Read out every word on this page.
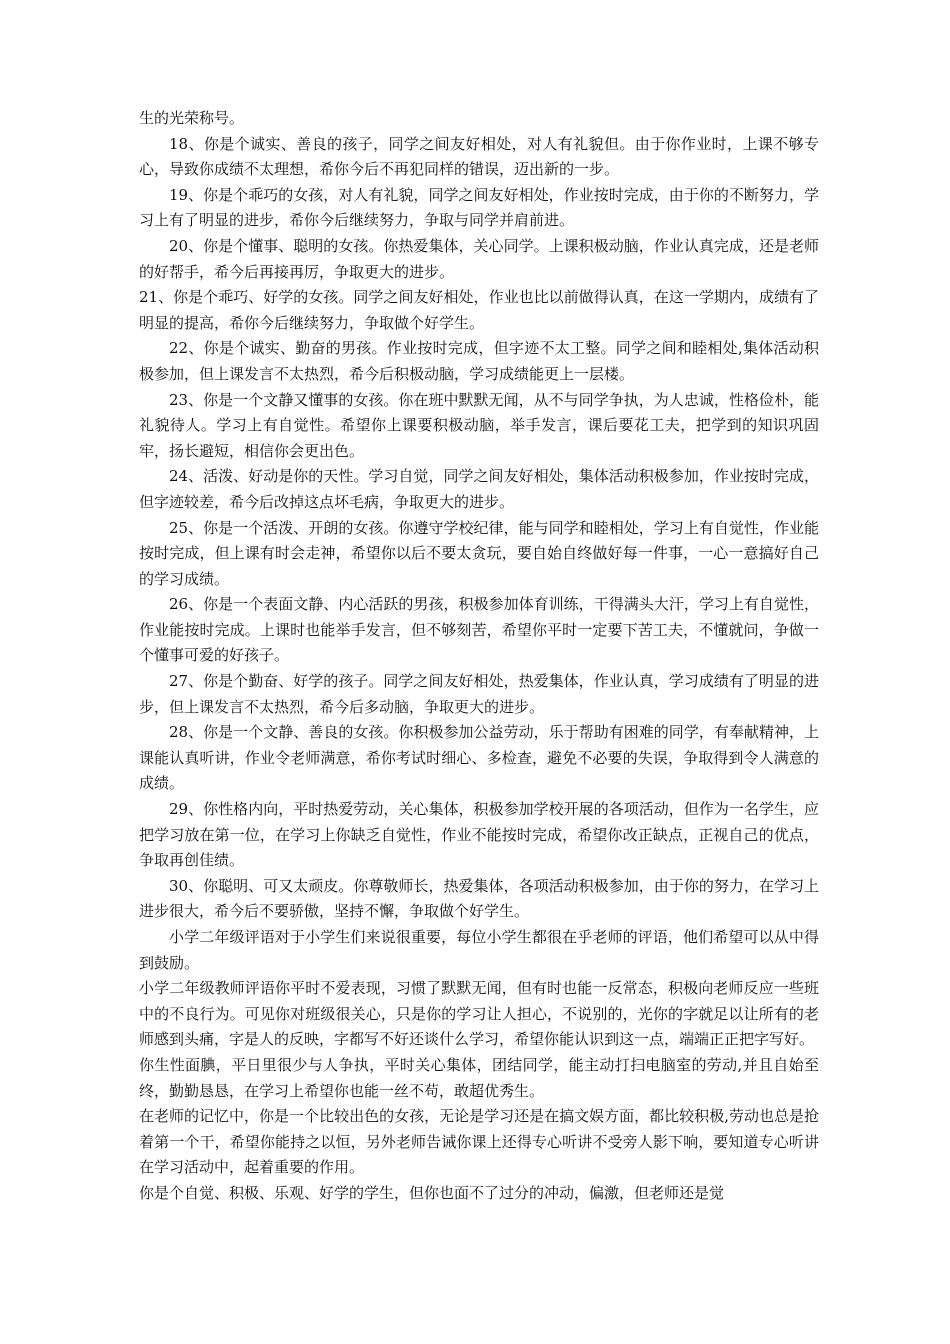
生的光荣称号。

18、你是个诚实、善良的孩子，同学之间友好相处，对人有礼貌但。由于你作业时，上课不够专心，导致你成绩不太理想，希你今后不再犯同样的错误，迈出新的一步。

19、你是个乖巧的女孩，对人有礼貌，同学之间友好相处，作业按时完成，由于你的不断努力，学习上有了明显的进步，希你今后继续努力，争取与同学并肩前进。

20、你是个懂事、聪明的女孩。你热爱集体，关心同学。上课积极动脑，作业认真完成，还是老师的好帮手，希今后再接再厉，争取更大的进步。

21、你是个乖巧、好学的女孩。同学之间友好相处，作业也比以前做得认真，在这一学期内，成绩有了明显的提高，希你今后继续努力，争取做个好学生。

22、你是个诚实、勤奋的男孩。作业按时完成，但字迹不太工整。同学之间和睦相处,集体活动积极参加，但上课发言不太热烈，希今后积极动脑，学习成绩能更上一层楼。

23、你是一个文静又懂事的女孩。你在班中默默无闻，从不与同学争执，为人忠诚，性格俭朴，能礼貌待人。学习上有自觉性。希望你上课要积极动脑，举手发言，课后要花工夫，把学到的知识巩固牢，扬长避短，相信你会更出色。

24、活泼、好动是你的天性。学习自觉，同学之间友好相处，集体活动积极参加，作业按时完成，但字迹较差，希今后改掉这点坏毛病，争取更大的进步。

25、你是一个活泼、开朗的女孩。你遵守学校纪律，能与同学和睦相处，学习上有自觉性，作业能按时完成，但上课有时会走神，希望你以后不要太贪玩，要自始自终做好每一件事，一心一意搞好自己的学习成绩。

26、你是一个表面文静、内心活跃的男孩，积极参加体育训练，干得满头大汗，学习上有自觉性，作业能按时完成。上课时也能举手发言，但不够刻苦，希望你平时一定要下苦工夫，不懂就问，争做一个懂事可爱的好孩子。

27、你是个勤奋、好学的孩子。同学之间友好相处，热爱集体，作业认真，学习成绩有了明显的进步，但上课发言不太热烈，希今后多动脑，争取更大的进步。

28、你是一个文静、善良的女孩。你积极参加公益劳动，乐于帮助有困难的同学，有奉献精神，上课能认真听讲，作业令老师满意，希你考试时细心、多检查，避免不必要的失误，争取得到令人满意的成绩。

29、你性格内向，平时热爱劳动，关心集体，积极参加学校开展的各项活动，但作为一名学生，应把学习放在第一位，在学习上你缺乏自觉性，作业不能按时完成，希望你改正缺点，正视自己的优点，争取再创佳绩。

30、你聪明、可又太顽皮。你尊敬师长，热爱集体，各项活动积极参加，由于你的努力，在学习上进步很大，希今后不要骄傲，坚持不懈，争取做个好学生。

小学二年级评语对于小学生们来说很重要，每位小学生都很在乎老师的评语，他们希望可以从中得到鼓励。

小学二年级教师评语你平时不爱表现，习惯了默默无闻，但有时也能一反常态，积极向老师反应一些班中的不良行为。可见你对班级很关心，只是你的学习让人担心，不说别的，光你的字就足以让所有的老师感到头痛，字是人的反映，字都写不好还谈什么学习，希望你能认识到这一点，端端正正把字写好。

你生性面腆，平日里很少与人争执，平时关心集体，团结同学，能主动打扫电脑室的劳动,并且自始至终，勤勤恳恳，在学习上希望你也能一丝不苟，敢超优秀生。

在老师的记忆中，你是一个比较出色的女孩，无论是学习还是在搞文娱方面，都比较积极,劳动也总是抢着第一个干，希望你能持之以恒，另外老师告诫你课上还得专心听讲不受旁人影下响，要知道专心听讲在学习活动中，起着重要的作用。

你是个自觉、积极、乐观、好学的学生，但你也面不了过分的冲动，偏激，但老师还是觉
